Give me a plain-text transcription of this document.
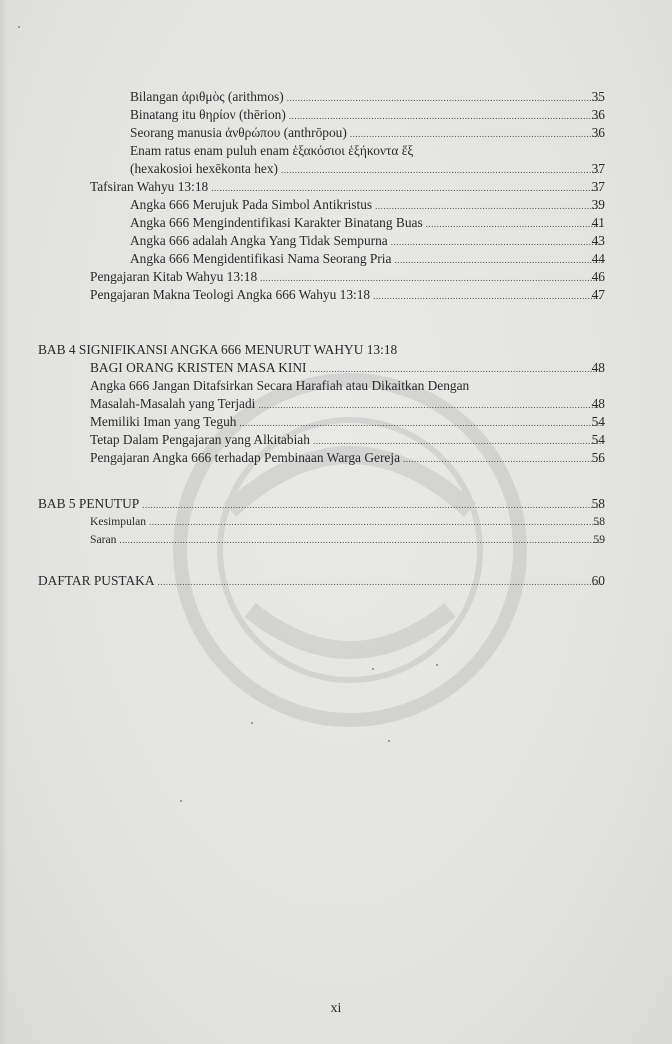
Bilangan ἀριθμὸς (arithmos) .....	35
Binatang itu θηρίον (thērion) .....	36
Seorang manusia ἀνθρώπου (anthrōpou) .....	36
Enam ratus enam puluh enam ἑξακόσιοι ἑξήκοντα ἕξ
(hexakosioi hexēkonta hex) .....	37
Tafsiran Wahyu 13:18 .....	37
Angka 666 Merujuk Pada Simbol Antikristus .....	39
Angka 666 Mengindentifikasi Karakter Binatang Buas .....	41
Angka 666 adalah Angka Yang Tidak Sempurna .....	43
Angka 666 Mengidentifikasi Nama Seorang Pria .....	44
Pengajaran Kitab Wahyu 13:18 .....	46
Pengajaran Makna Teologi Angka 666 Wahyu 13:18 .....	47
BAB 4 SIGNIFIKANSI ANGKA 666 MENURUT WAHYU 13:18
BAGI ORANG KRISTEN MASA KINI .....	48
Angka 666 Jangan Ditafsirkan Secara Harafiah atau Dikaitkan Dengan
Masalah-Masalah yang Terjadi .....	48
Memiliki Iman yang Teguh .....	54
Tetap Dalam Pengajaran yang Alkitabiah .....	54
Pengajaran Angka 666 terhadap Pembinaan Warga Gereja .....	56
BAB 5 PENUTUP .....	58
Kesimpulan .....	58
Saran .....	59
DAFTAR PUSTAKA .....	60
xi
